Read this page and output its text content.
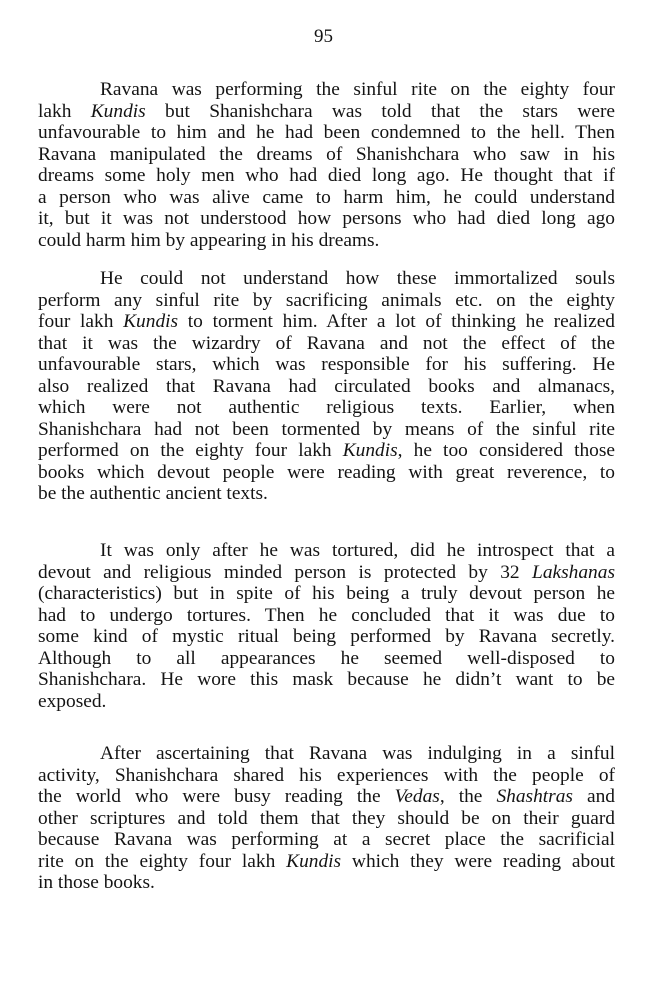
95
Ravana was performing the sinful rite on the eighty four
lakh Kundis but Shanishchara was told that the stars were
unfavourable to him and he had been condemned to the hell. Then
Ravana manipulated the dreams of Shanishchara who saw in his
dreams some holy men who had died long ago. He thought that if
a person who was alive came to harm him, he could understand
it, but it was not understood how persons who had died long ago
could harm him by appearing in his dreams.
He could not understand how these immortalized souls
perform any sinful rite by sacrificing animals etc. on the eighty
four lakh Kundis to torment him. After a lot of thinking he realized
that it was the wizardry of Ravana and not the effect of the
unfavourable stars, which was responsible for his suffering. He
also realized that Ravana had circulated books and almanacs,
which were not authentic religious texts. Earlier, when
Shanishchara had not been tormented by means of the sinful rite
performed on the eighty four lakh Kundis, he too considered those
books which devout people were reading with great reverence, to
be the authentic ancient texts.
It was only after he was tortured, did he introspect that a
devout and religious minded person is protected by 32 Lakshanas
(characteristics) but in spite of his being a truly devout person he
had to undergo tortures. Then he concluded that it was due to
some kind of mystic ritual being performed by Ravana secretly.
Although to all appearances he seemed well-disposed to
Shanishchara. He wore this mask because he didn’t want to be
exposed.
After ascertaining that Ravana was indulging in a sinful
activity, Shanishchara shared his experiences with the people of
the world who were busy reading the Vedas, the Shashtras and
other scriptures and told them that they should be on their guard
because Ravana was performing at a secret place the sacrificial
rite on the eighty four lakh Kundis which they were reading about
in those books.
